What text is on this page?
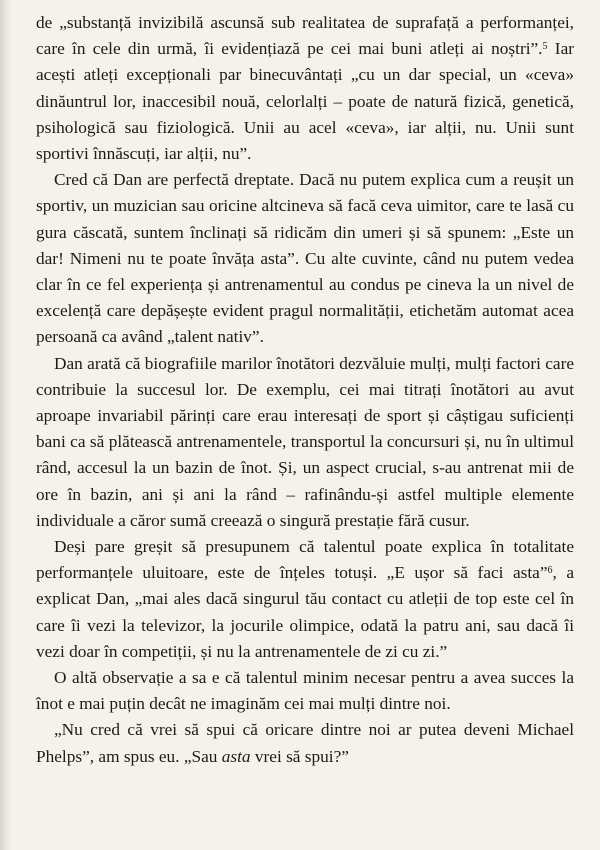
de „substanță invizibilă ascunsă sub realitatea de suprafață a performanței, care în cele din urmă, îi evidențiază pe cei mai buni atleți ai noștri”.$^5$ Iar acești atleți excepționali par binecuvântați „cu un dar special, un «ceva» dinăuntrul lor, inaccesibil nouă, celorlalți – poate de natură fizică, genetică, psihologică sau fiziologică. Unii au acel «ceva», iar alții, nu. Unii sunt sportivi înnăscuți, iar alții, nu”.

Cred că Dan are perfectă dreptate. Dacă nu putem explica cum a reușit un sportiv, un muzician sau oricine altcineva să facă ceva uimitor, care te lasă cu gura căscată, suntem înclinați să ridicăm din umeri și să spunem: „Este un dar! Nimeni nu te poate învăța asta”. Cu alte cuvinte, când nu putem vedea clar în ce fel experiența și antrenamentul au condus pe cineva la un nivel de excelență care depășește evident pragul normalității, etichetăm automat acea persoană ca având „talent nativ”.

Dan arată că biografiile marilor înotători dezvăluie mulți, mulți factori care contribuie la succesul lor. De exemplu, cei mai titrați înotători au avut aproape invariabil părinți care erau interesați de sport și câștigau suficienți bani ca să plătească antrenamentele, transportul la concursuri și, nu în ultimul rând, accesul la un bazin de înot. Și, un aspect crucial, s-au antrenat mii de ore în bazin, ani și ani la rând – rafinându-și astfel multiple elemente individuale a căror sumă creează o singură prestație fără cusur.

Deși pare greșit să presupunem că talentul poate explica în totalitate performanțele uluitoare, este de înțeles totuși. „E ușor să faci asta”$^6$, a explicat Dan, „mai ales dacă singurul tău contact cu atleții de top este cel în care îi vezi la televizor, la jocurile olimpice, odată la patru ani, sau dacă îi vezi doar în competiții, și nu la antrenamentele de zi cu zi.”

O altă observație a sa e că talentul minim necesar pentru a avea succes la înot e mai puțin decât ne imaginăm cei mai mulți dintre noi.

„Nu cred că vrei să spui că oricare dintre noi ar putea deveni Michael Phelps”, am spus eu. „Sau asta vrei să spui?”
